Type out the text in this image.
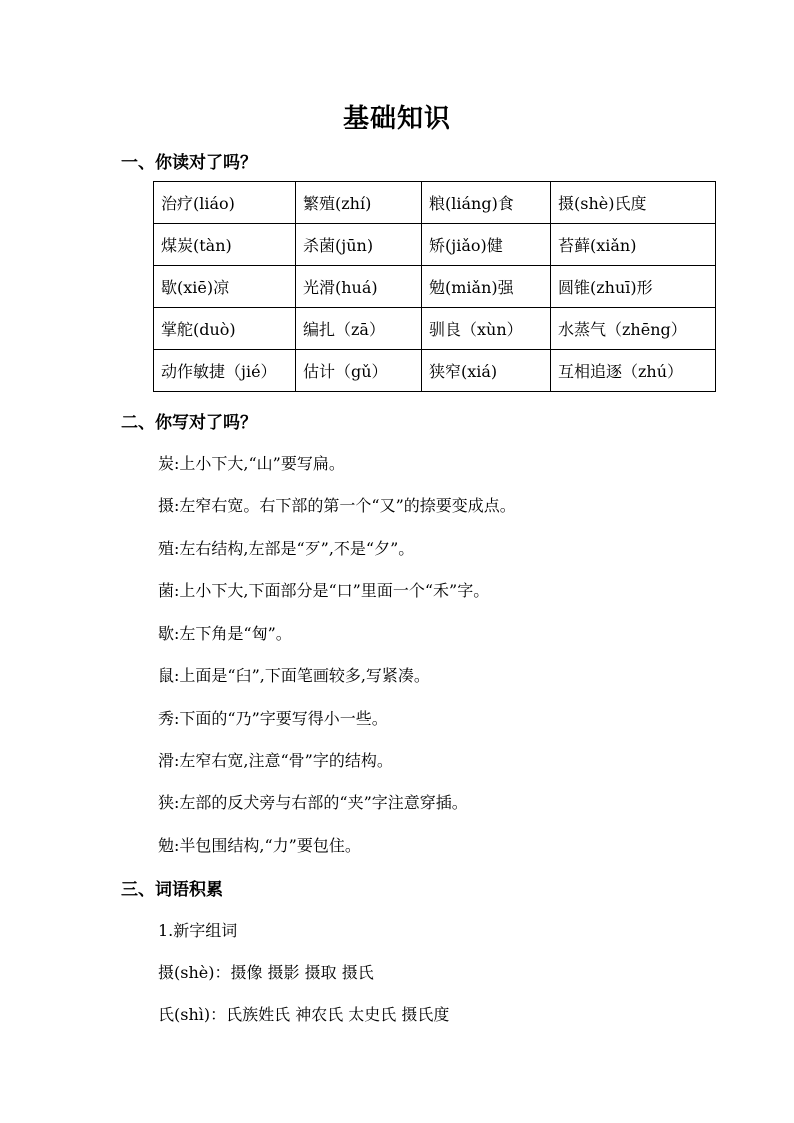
基础知识
一、你读对了吗？
治疗(liáo)	繁殖(zhí)	粮(liáng)食	摄(shè)氏度
煤炭(tàn)	杀菌(jūn)	矫(jiǎo)健	苔藓(xiǎn)
歇(xiē)凉	光滑(huá)	勉(miǎn)强	圆锥(zhuī)形
掌舵(duò)	编扎（zā）	驯良（xùn）	水蒸气（zhēng）
动作敏捷（jié）	估计（gǔ）	狭窄(xiá)	互相追逐（zhú）
二、你写对了吗？
炭:上小下大,“山”要写扁。
摄:左窄右宽。右下部的第一个“又”的捺要变成点。
殖:左右结构,左部是“歹”,不是“夕”。
菌:上小下大,下面部分是“口”里面一个“禾”字。
歇:左下角是“匈”。
鼠:上面是“臼”,下面笔画较多,写紧凑。
秀:下面的“乃”字要写得小一些。
滑:左窄右宽,注意“骨”字的结构。
狭:左部的反犬旁与右部的“夹”字注意穿插。
勉:半包围结构,“力”要包住。
三、词语积累
1.新字组词
摄(shè)：摄像 摄影 摄取 摄氏
氏(shì)：氏族姓氏 神农氏 太史氏 摄氏度
